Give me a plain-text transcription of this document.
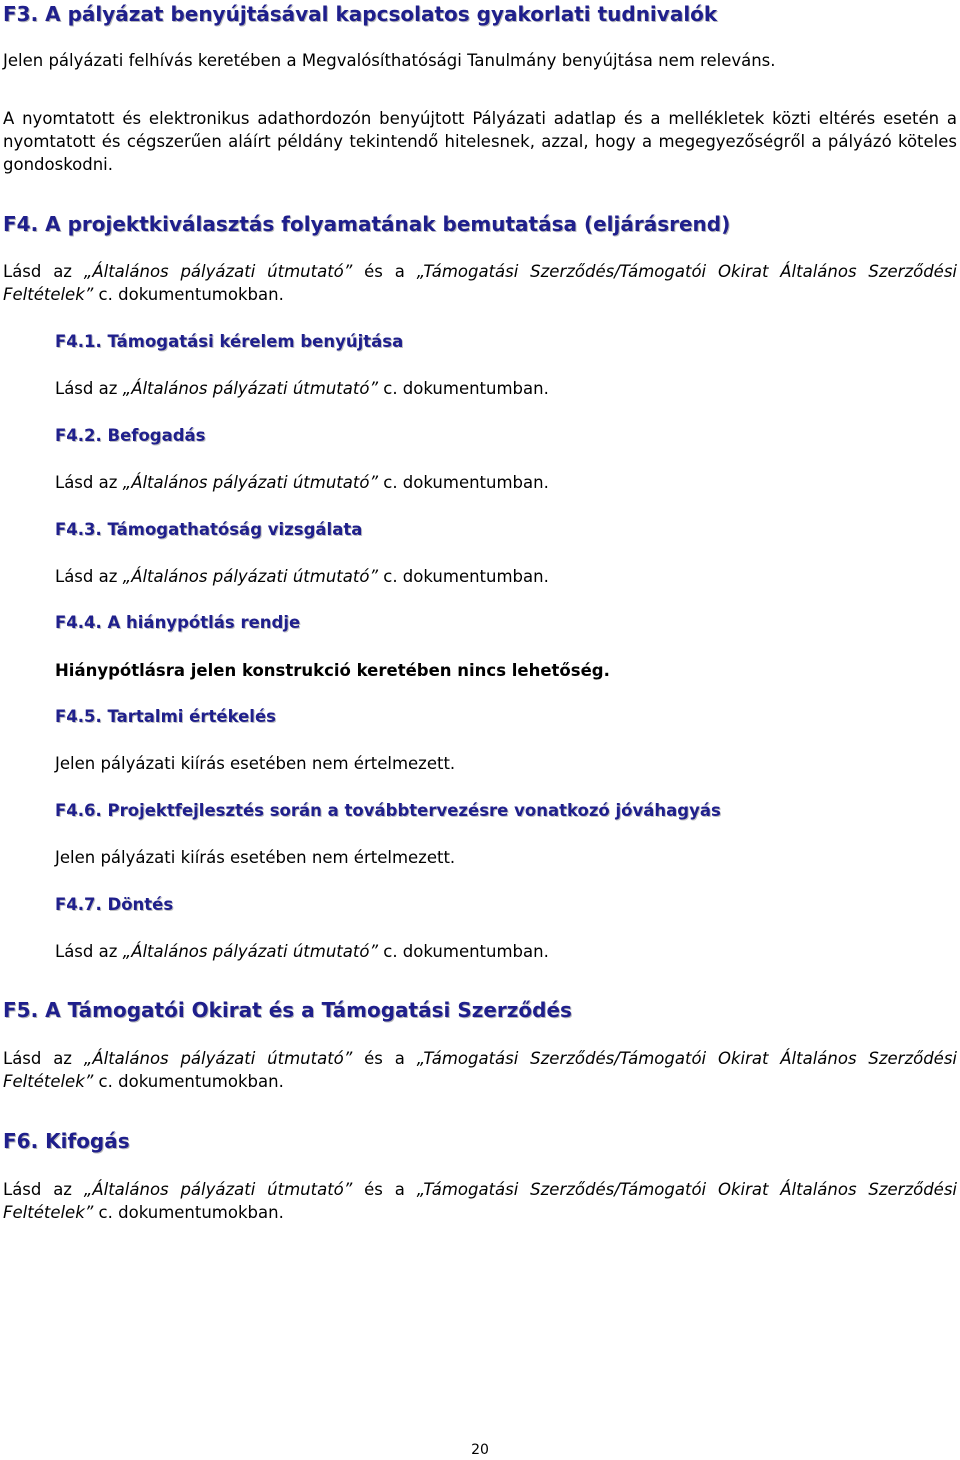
F3. A pályázat benyújtásával kapcsolatos gyakorlati tudnivalók

Jelen pályázati felhívás keretében a Megvalósíthatósági Tanulmány benyújtása nem releváns.

A nyomtatott és elektronikus adathordozón benyújtott Pályázati adatlap és a mellékletek közti eltérés esetén a nyomtatott és cégszerűen aláírt példány tekintendő hitelesnek, azzal, hogy a megegyezőségről a pályázó köteles gondoskodni.

F4. A projektkiválasztás folyamatának bemutatása (eljárásrend)

Lásd az „Általános pályázati útmutató” és a „Támogatási Szerződés/Támogatói Okirat Általános Szerződési Feltételek” c. dokumentumokban.

F4.1. Támogatási kérelem benyújtása

Lásd az „Általános pályázati útmutató” c. dokumentumban.

F4.2. Befogadás

Lásd az „Általános pályázati útmutató” c. dokumentumban.

F4.3. Támogathatóság vizsgálata

Lásd az „Általános pályázati útmutató” c. dokumentumban.

F4.4. A hiánypótlás rendje

Hiánypótlásra jelen konstrukció keretében nincs lehetőség.

F4.5. Tartalmi értékelés

Jelen pályázati kiírás esetében nem értelmezett.

F4.6. Projektfejlesztés során a továbbtervezésre vonatkozó jóváhagyás

Jelen pályázati kiírás esetében nem értelmezett.

F4.7. Döntés

Lásd az „Általános pályázati útmutató” c. dokumentumban.

F5. A Támogatói Okirat és a Támogatási Szerződés

Lásd az „Általános pályázati útmutató” és a „Támogatási Szerződés/Támogatói Okirat Általános Szerződési Feltételek” c. dokumentumokban.

F6. Kifogás

Lásd az „Általános pályázati útmutató” és a „Támogatási Szerződés/Támogatói Okirat Általános Szerződési Feltételek” c. dokumentumokban.

20
